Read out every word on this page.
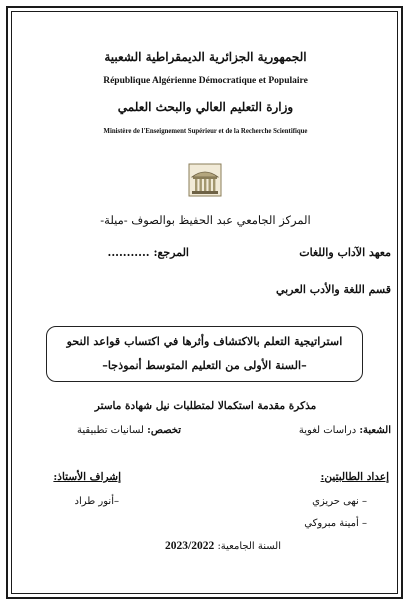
الجمهورية الجزائرية الديمقراطية الشعبية
République Algérienne Démocratique et Populaire
وزارة التعليم العالي والبحث العلمي
Ministère de l'Enseignement Supérieur et de la Recherche Scientifique
المركز الجامعي عبد الحفيظ بوالصوف -ميلة-
معهد الآداب واللغات
المرجع: ...........
قسم اللغة والأدب العربي
استراتيجية التعلم بالاكتشاف وأثرها في اكتساب قواعد النحو
–السنة الأولى من التعليم المتوسط أنموذجا–
مذكرة مقدمة استكمالا لمتطلبات نيل شهادة ماستر
الشعبة: دراسات لغوية
تخصص: لسانيات تطبيقية
إعداد الطالبتين:
– نهى حريزي
– أمينة مبروكي
إشراف الأستاذ:
–أنور طراد
السنة الجامعية: 2023/2022
